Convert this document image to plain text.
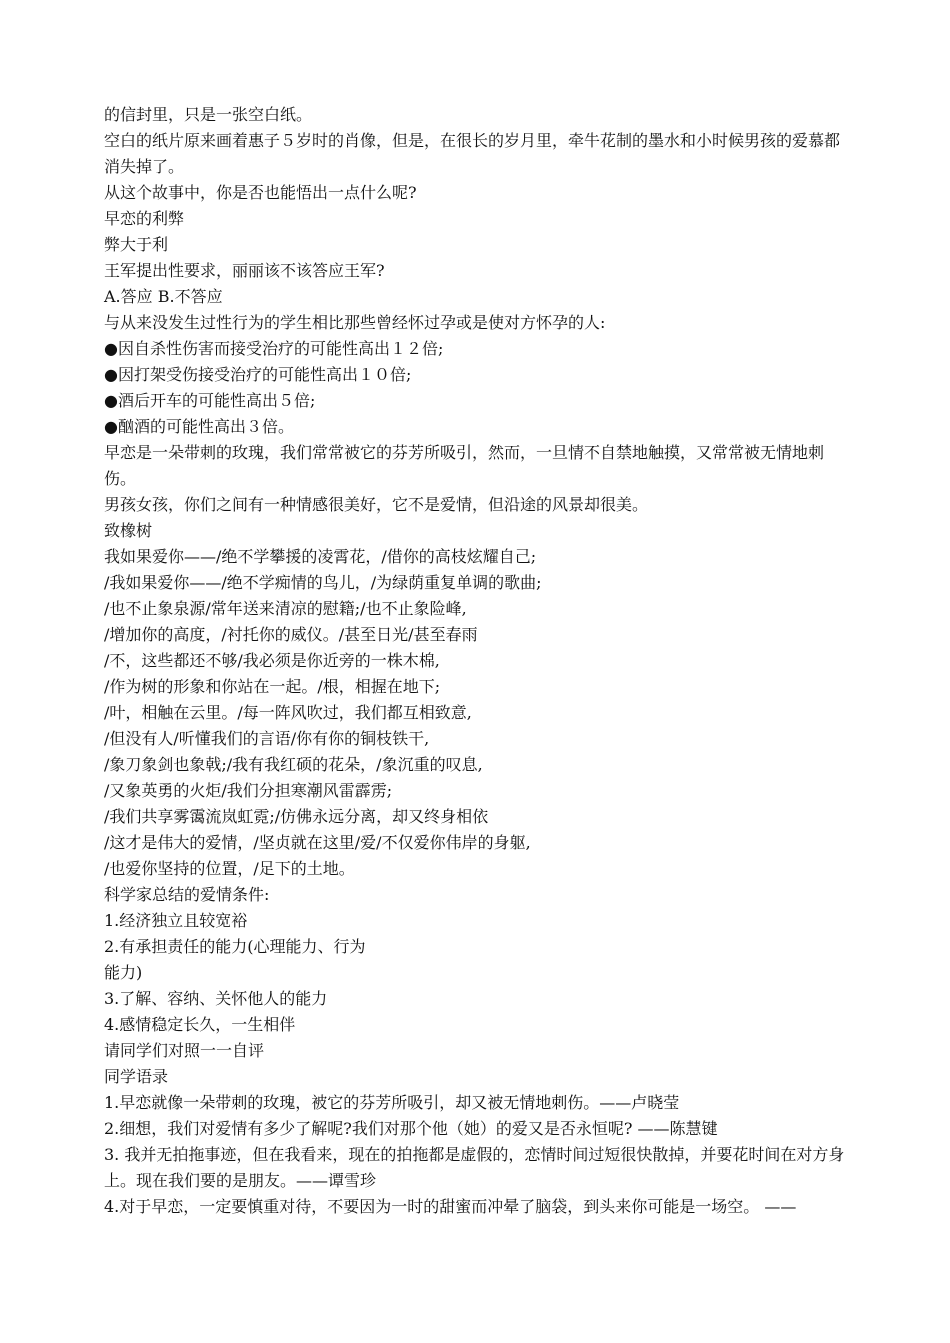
的信封里，只是一张空白纸。
空白的纸片原来画着惠子５岁时的肖像，但是，在很长的岁月里，牵牛花制的墨水和小时候男孩的爱慕都消失掉了。
从这个故事中，你是否也能悟出一点什么呢?
早恋的利弊
弊大于利
王军提出性要求，丽丽该不该答应王军?
A.答应 B.不答应
与从来没发生过性行为的学生相比那些曾经怀过孕或是使对方怀孕的人:
●因自杀性伤害而接受治疗的可能性高出１２倍;
●因打架受伤接受治疗的可能性高出１０倍;
●酒后开车的可能性高出５倍;
●酗酒的可能性高出３倍。
早恋是一朵带刺的玫瑰，我们常常被它的芬芳所吸引，然而，一旦情不自禁地触摸，又常常被无情地刺伤。
男孩女孩，你们之间有一种情感很美好，它不是爱情，但沿途的风景却很美。
致橡树
我如果爱你——/绝不学攀援的凌霄花，/借你的高枝炫耀自己;
/我如果爱你——/绝不学痴情的鸟儿，/为绿荫重复单调的歌曲;
/也不止象泉源/常年送来清凉的慰籍;/也不止象险峰,
/增加你的高度，/衬托你的威仪。/甚至日光/甚至春雨
/不，这些都还不够/我必须是你近旁的一株木棉,
/作为树的形象和你站在一起。/根，相握在地下;
/叶，相触在云里。/每一阵风吹过，我们都互相致意,
/但没有人/听懂我们的言语/你有你的铜枝铁干,
/象刀象剑也象戟;/我有我红硕的花朵，/象沉重的叹息,
/又象英勇的火炬/我们分担寒潮风雷霹雳;
/我们共享雾霭流岚虹霓;/仿佛永远分离，却又终身相依
/这才是伟大的爱情，/坚贞就在这里/爱/不仅爱你伟岸的身躯,
/也爱你坚持的位置，/足下的土地。
科学家总结的爱情条件:
1.经济独立且较宽裕
2.有承担责任的能力(心理能力、行为
能力)
3.了解、容纳、关怀他人的能力
4.感情稳定长久，一生相伴
请同学们对照一一自评
同学语录
1.早恋就像一朵带刺的玫瑰，被它的芬芳所吸引，却又被无情地刺伤。——卢晓莹
2.细想，我们对爱情有多少了解呢?我们对那个他（她）的爱又是否永恒呢? ——陈慧键
3. 我并无拍拖事迹，但在我看来，现在的拍拖都是虚假的，恋情时间过短很快散掉，并要花时间在对方身上。现在我们要的是朋友。——谭雪珍
4.对于早恋，一定要慎重对待，不要因为一时的甜蜜而冲晕了脑袋，到头来你可能是一场空。 ——
